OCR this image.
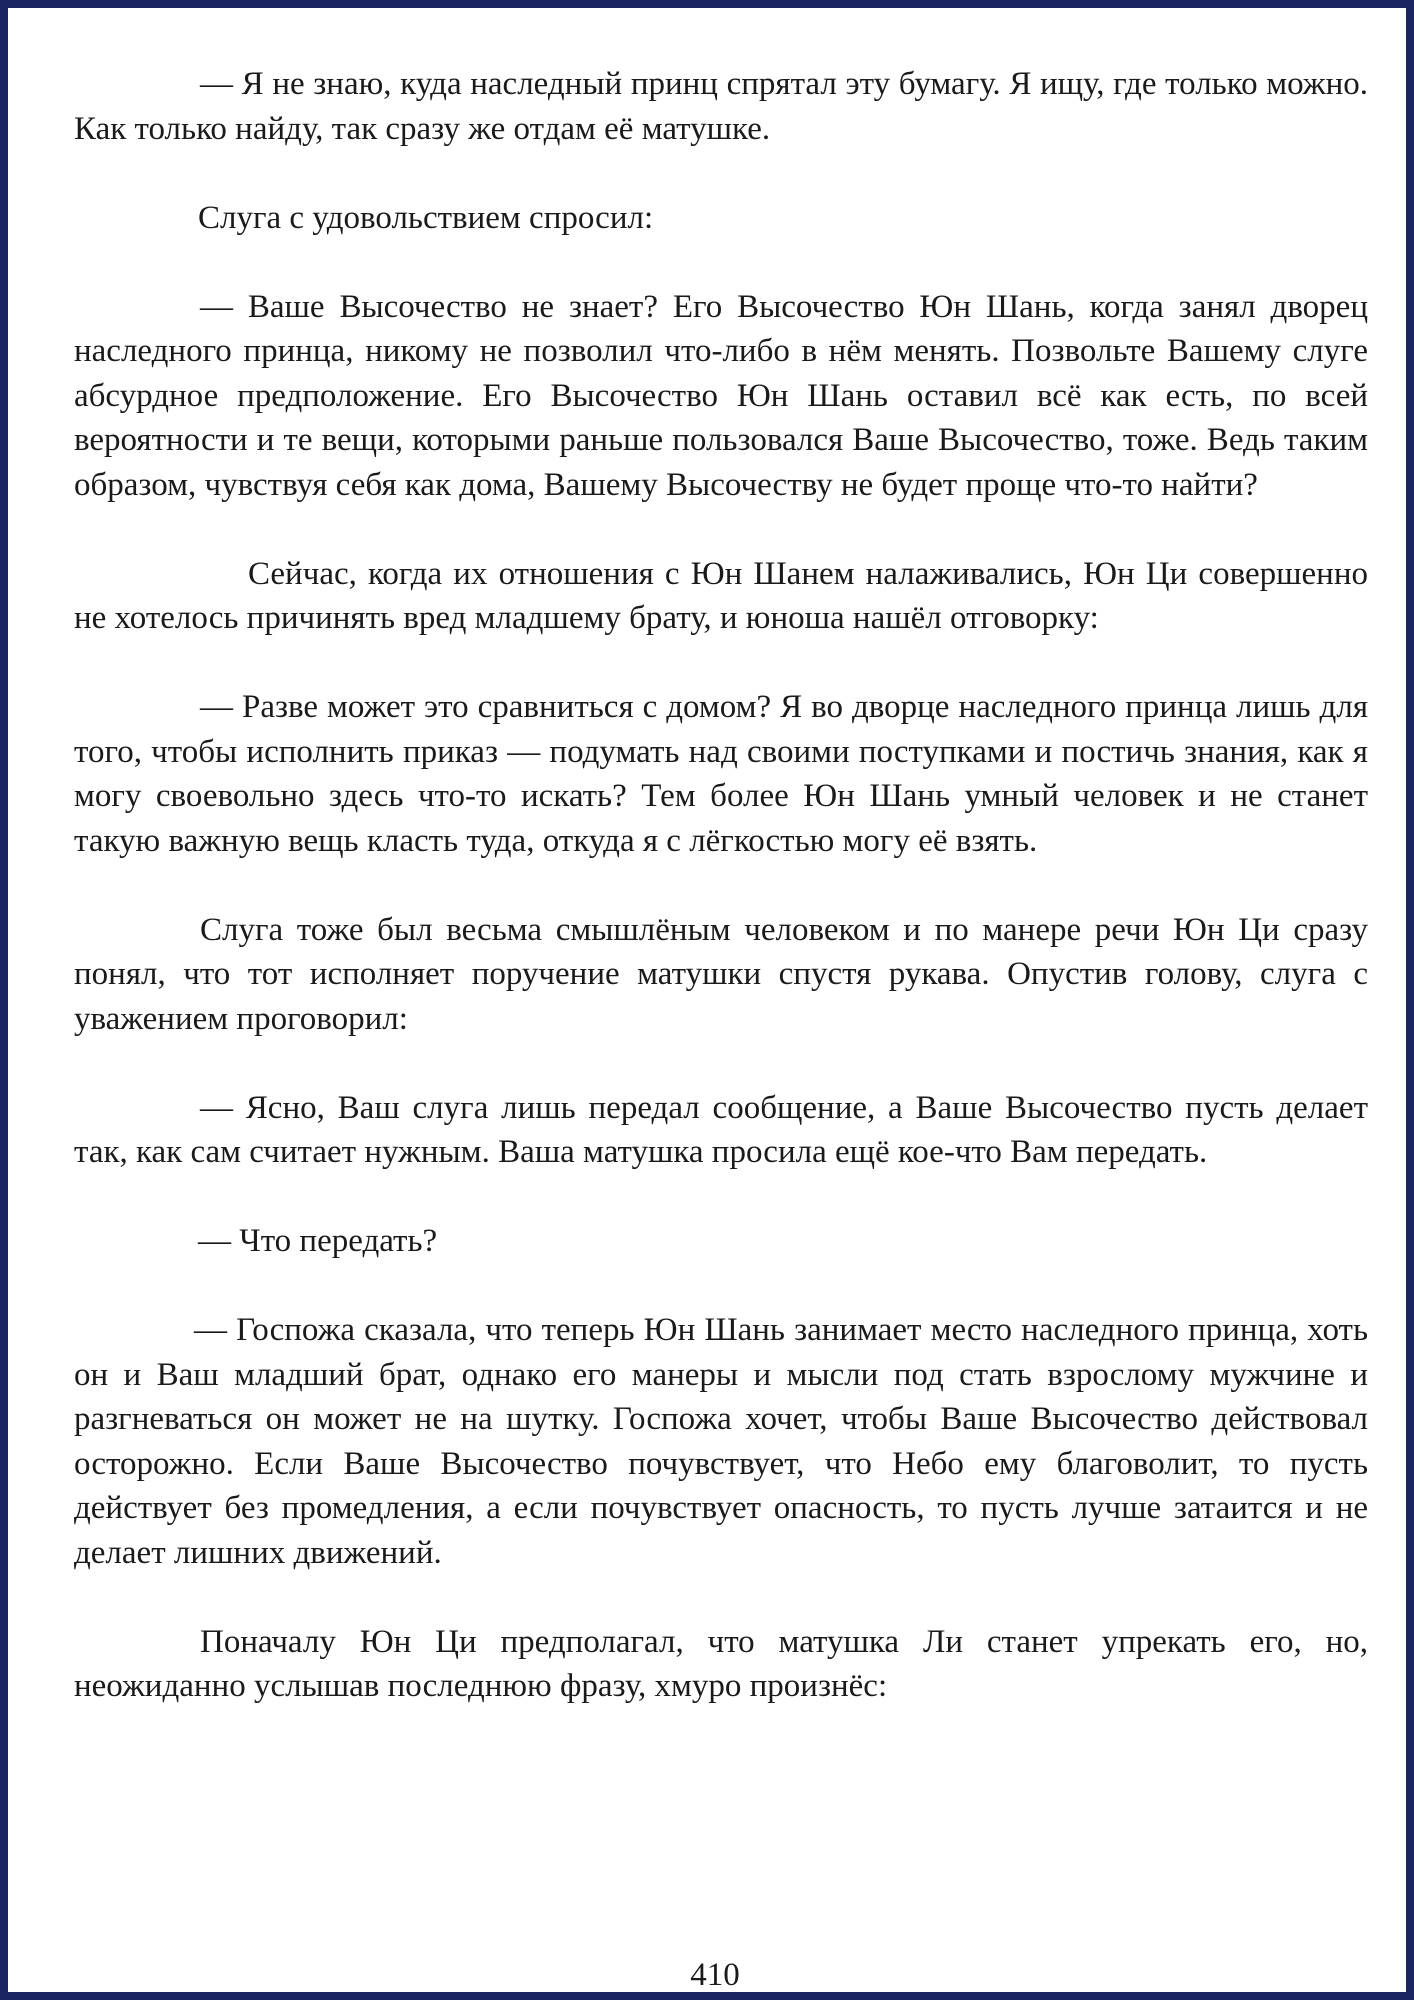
— Я не знаю, куда наследный принц спрятал эту бумагу. Я ищу, где только можно. Как только найду, так сразу же отдам её матушке.

Слуга с удовольствием спросил:

— Ваше Высочество не знает? Его Высочество Юн Шань, когда занял дворец наследного принца, никому не позволил что-либо в нём менять. Позвольте Вашему слуге абсурдное предположение. Его Высочество Юн Шань оставил всё как есть, по всей вероятности и те вещи, которыми раньше пользовался Ваше Высочество, тоже. Ведь таким образом, чувствуя себя как дома, Вашему Высочеству не будет проще что-то найти?

Сейчас, когда их отношения с Юн Шанем налаживались, Юн Ци совершенно не хотелось причинять вред младшему брату, и юноша нашёл отговорку:

— Разве может это сравниться с домом? Я во дворце наследного принца лишь для того, чтобы исполнить приказ — подумать над своими поступками и постичь знания, как я могу своевольно здесь что-то искать? Тем более Юн Шань умный человек и не станет такую важную вещь класть туда, откуда я с лёгкостью могу её взять.

Слуга тоже был весьма смышлёным человеком и по манере речи Юн Ци сразу понял, что тот исполняет поручение матушки спустя рукава. Опустив голову, слуга с уважением проговорил:

— Ясно, Ваш слуга лишь передал сообщение, а Ваше Высочество пусть делает так, как сам считает нужным. Ваша матушка просила ещё кое-что Вам передать.

— Что передать?

— Госпожа сказала, что теперь Юн Шань занимает место наследного принца, хоть он и Ваш младший брат, однако его манеры и мысли под стать взрослому мужчине и разгневаться он может не на шутку. Госпожа хочет, чтобы Ваше Высочество действовал осторожно. Если Ваше Высочество почувствует, что Небо ему благоволит, то пусть действует без промедления, а если почувствует опасность, то пусть лучше затаится и не делает лишних движений.

Поначалу Юн Ци предполагал, что матушка Ли станет упрекать его, но, неожиданно услышав последнюю фразу, хмуро произнёс:

410
